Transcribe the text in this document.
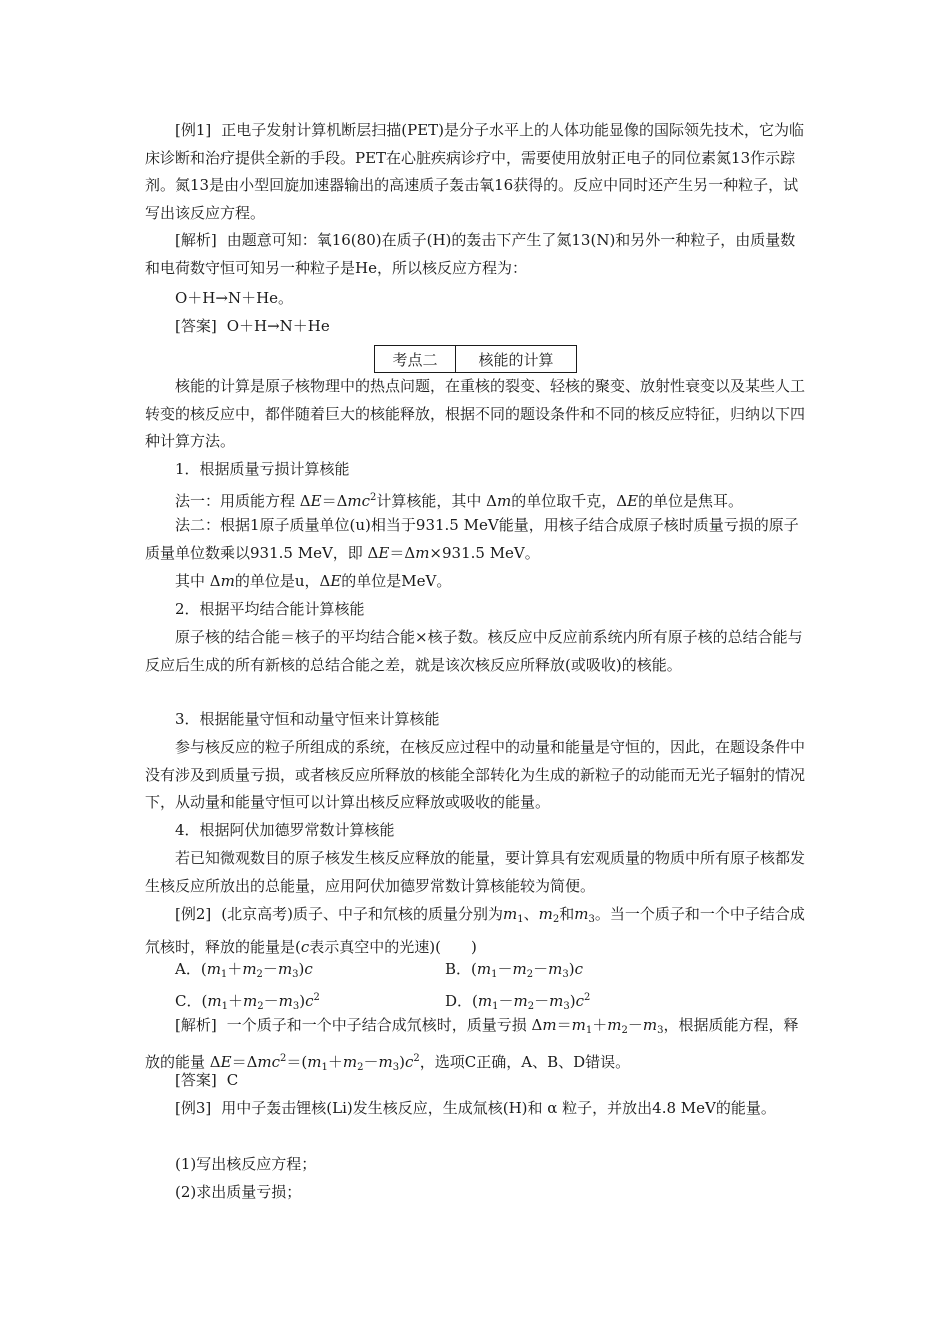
[例1] 正电子发射计算机断层扫描(PET)是分子水平上的人体功能显像的国际领先技术，它为临床诊断和治疗提供全新的手段。PET在心脏疾病诊疗中，需要使用放射正电子的同位素氮13作示踪剂。氮13是由小型回旋加速器输出的高速质子轰击氧16获得的。反应中同时还产生另一种粒子，试写出该反应方程。

[解析] 由题意可知：氧16(80)在质子(H)的轰击下产生了氮13(N)和另外一种粒子，由质量数和电荷数守恒可知另一种粒子是He，所以核反应方程为：

O＋H→N＋He。

[答案] O＋H→N＋He

考点二	核能的计算

核能的计算是原子核物理中的热点问题，在重核的裂变、轻核的聚变、放射性衰变以及某些人工转变的核反应中，都伴随着巨大的核能释放，根据不同的题设条件和不同的核反应特征，归纳以下四种计算方法。

1．根据质量亏损计算核能

法一：用质能方程 ΔE＝Δmc$^2$计算核能，其中 Δm的单位取千克，ΔE的单位是焦耳。

法二：根据1原子质量单位(u)相当于931.5 MeV能量，用核子结合成原子核时质量亏损的原子质量单位数乘以931.5 MeV，即 ΔE＝Δm×931.5 MeV。

其中 Δm的单位是u，ΔE的单位是MeV。

2．根据平均结合能计算核能

原子核的结合能＝核子的平均结合能×核子数。核反应中反应前系统内所有原子核的总结合能与反应后生成的所有新核的总结合能之差，就是该次核反应所释放(或吸收)的核能。

3．根据能量守恒和动量守恒来计算核能

参与核反应的粒子所组成的系统，在核反应过程中的动量和能量是守恒的，因此，在题设条件中没有涉及到质量亏损，或者核反应所释放的核能全部转化为生成的新粒子的动能而无光子辐射的情况下，从动量和能量守恒可以计算出核反应释放或吸收的能量。

4．根据阿伏加德罗常数计算核能

若已知微观数目的原子核发生核反应释放的能量，要计算具有宏观质量的物质中所有原子核都发生核反应所放出的总能量，应用阿伏加德罗常数计算核能较为简便。

[例2] (北京高考)质子、中子和氘核的质量分别为$m_1$、$m_2$和$m_3$。当一个质子和一个中子结合成氘核时，释放的能量是(c表示真空中的光速)(　　)

A．$(m_1+m_2-m_3)c$	B．$(m_1-m_2-m_3)c$
C．$(m_1+m_2-m_3)c^2$	D．$(m_1-m_2-m_3)c^2$

[解析] 一个质子和一个中子结合成氘核时，质量亏损 $\Delta m=m_1+m_2-m_3$，根据质能方程，释放的能量 $\Delta E=\Delta mc^2=(m_1+m_2-m_3)c^2$，选项C正确，A、B、D错误。

[答案] C

[例3] 用中子轰击锂核(Li)发生核反应，生成氚核(H)和 α 粒子，并放出4.8 MeV的能量。

(1)写出核反应方程；

(2)求出质量亏损；
